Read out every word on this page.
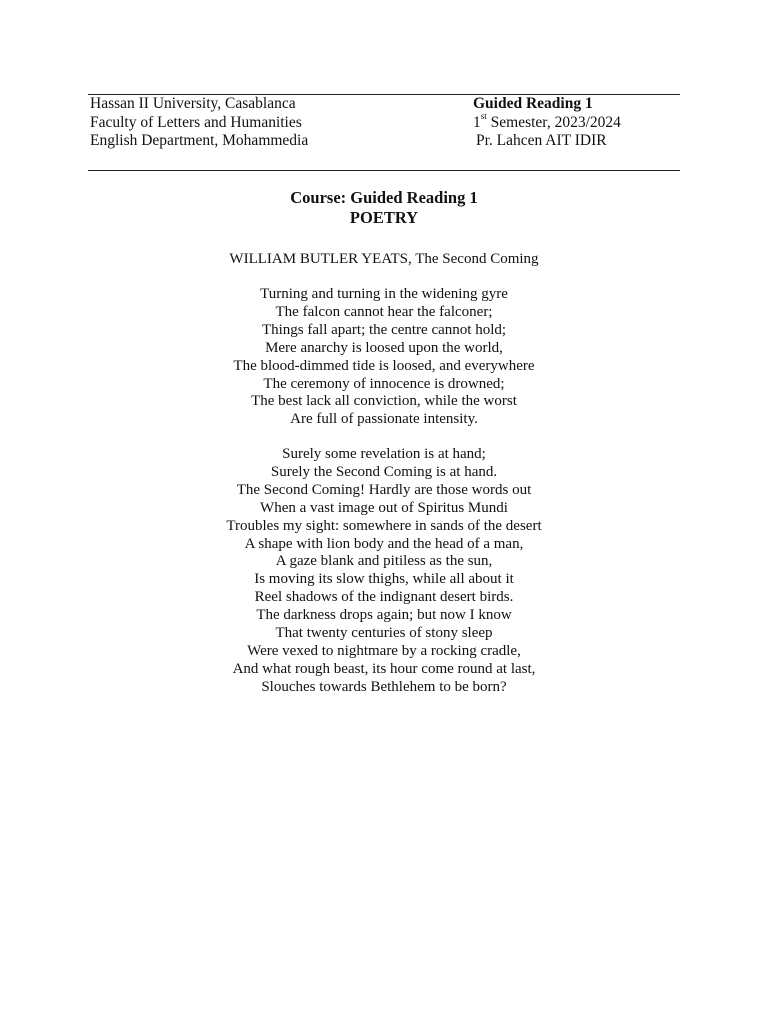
Hassan II University, Casablanca
Faculty of Letters and Humanities
English Department, Mohammedia
Guided Reading 1
1st Semester, 2023/2024
Pr. Lahcen AIT IDIR
Course: Guided Reading 1
POETRY
WILLIAM BUTLER YEATS, The Second Coming
Turning and turning in the widening gyre
The falcon cannot hear the falconer;
Things fall apart; the centre cannot hold;
Mere anarchy is loosed upon the world,
The blood-dimmed tide is loosed, and everywhere
The ceremony of innocence is drowned;
The best lack all conviction, while the worst
Are full of passionate intensity.
Surely some revelation is at hand;
Surely the Second Coming is at hand.
The Second Coming! Hardly are those words out
When a vast image out of Spiritus Mundi
Troubles my sight: somewhere in sands of the desert
A shape with lion body and the head of a man,
A gaze blank and pitiless as the sun,
Is moving its slow thighs, while all about it
Reel shadows of the indignant desert birds.
The darkness drops again; but now I know
That twenty centuries of stony sleep
Were vexed to nightmare by a rocking cradle,
And what rough beast, its hour come round at last,
Slouches towards Bethlehem to be born?
